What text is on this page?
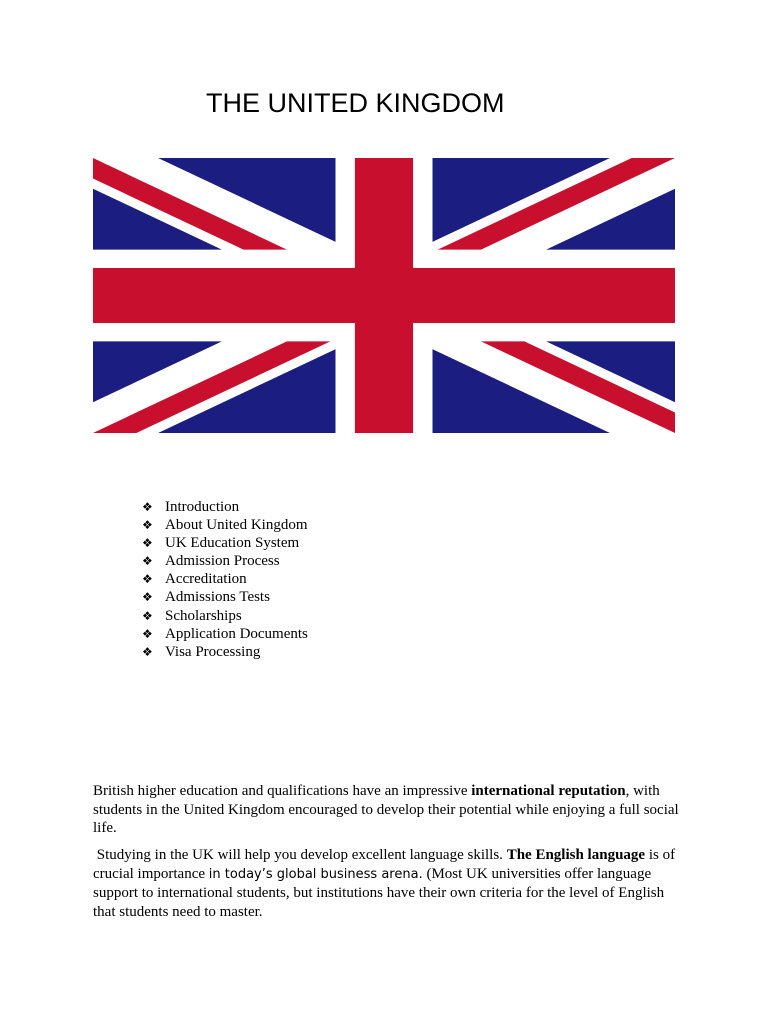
THE UNITED KINGDOM
❖ Introduction
❖ About United Kingdom
❖ UK Education System
❖ Admission Process
❖ Accreditation
❖ Admissions Tests
❖ Scholarships
❖ Application Documents
❖ Visa Processing

British higher education and qualifications have an impressive international reputation, with students in the United Kingdom encouraged to develop their potential while enjoying a full social life.

Studying in the UK will help you develop excellent language skills. The English language is of crucial importance in today’s global business arena. (Most UK universities offer language support to international students, but institutions have their own criteria for the level of English that students need to master.
